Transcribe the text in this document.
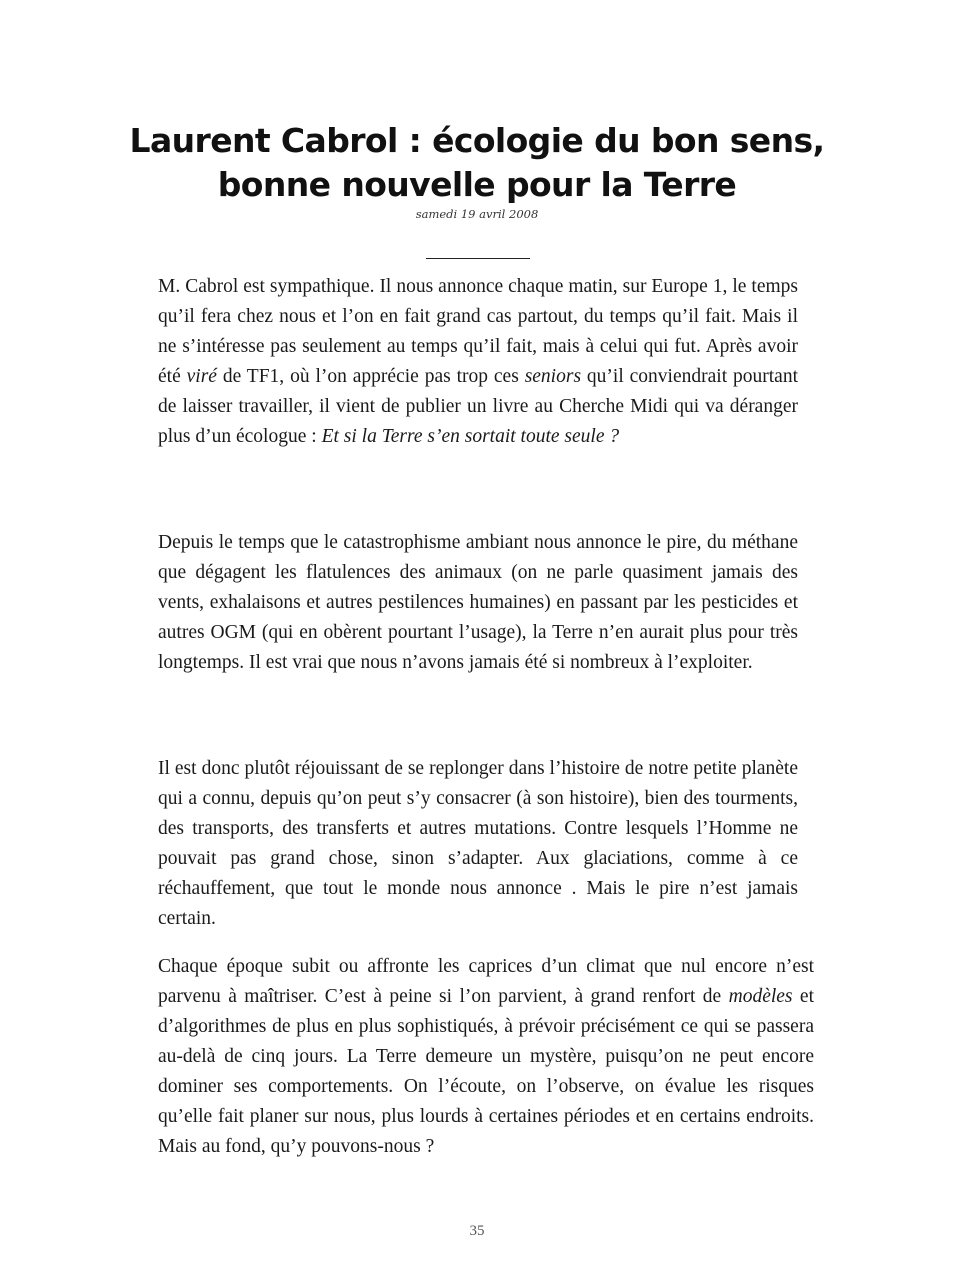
Laurent Cabrol : écologie du bon sens, bonne nouvelle pour la Terre
samedi 19 avril 2008

M. Cabrol est sympathique. Il nous annonce chaque matin, sur Europe 1, le temps qu’il fera chez nous et l’on en fait grand cas partout, du temps qu’il fait. Mais il ne s’intéresse pas seulement au temps qu’il fait, mais à celui qui fut. Après avoir été viré de TF1, où l’on apprécie pas trop ces seniors qu’il conviendrait pourtant de laisser travailler, il vient de publier un livre au Cherche Midi qui va déranger plus d’un écologue : Et si la Terre s’en sortait toute seule ?

Depuis le temps que le catastrophisme ambiant nous annonce le pire, du méthane que dégagent les flatulences des animaux (on ne parle quasiment jamais des vents, exhalaisons et autres pestilences humaines) en passant par les pesticides et autres OGM (qui en obèrent pourtant l’usage), la Terre n’en aurait plus pour très longtemps. Il est vrai que nous n’avons jamais été si nombreux à l’exploiter.

Il est donc plutôt réjouissant de se replonger dans l’histoire de notre petite planète qui a connu, depuis qu’on peut s’y consacrer (à son histoire), bien des tourments, des transports, des transferts et autres mutations. Contre lesquels l’Homme ne pouvait pas grand chose, sinon s’adapter. Aux glaciations, comme à ce réchauffement, que tout le monde nous annonce . Mais le pire n’est jamais certain.

Chaque époque subit ou affronte les caprices d’un climat que nul encore n’est parvenu à maîtriser. C’est à peine si l’on parvient, à grand renfort de modèles et d’algorithmes de plus en plus sophistiqués, à prévoir précisément ce qui se passera au-delà de cinq jours. La Terre demeure un mystère, puisqu’on ne peut encore dominer ses comportements. On l’écoute, on l’observe, on évalue les risques qu’elle fait planer sur nous, plus lourds à certaines périodes et en certains endroits. Mais au fond, qu’y pouvons-nous ?

35
